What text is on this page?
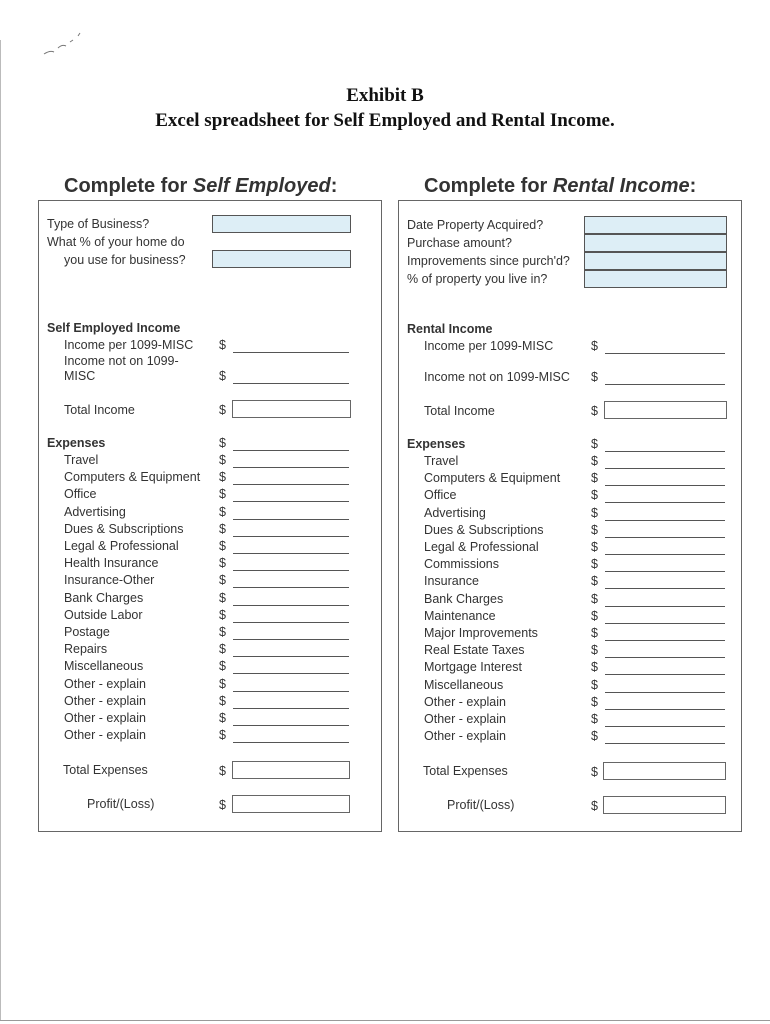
Exhibit B
Excel spreadsheet for Self Employed and Rental Income.
Complete for Self Employed:	Complete for Rental Income:
Type of Business?
What % of your home do
you use for business?
Self Employed Income
Income per 1099-MISC $
Income not on 1099-
MISC	$
Total Income	$
Expenses	$
Travel	$
Computers & Equipment $
Office	$
Advertising	$
Dues & Subscriptions	$
Legal & Professional	$
Health Insurance	$
Insurance-Other	$
Bank Charges	$
Outside Labor	$
Postage	$
Repairs	$
Miscellaneous	$
Other - explain	$
Other - explain	$
Other - explain	$
Other - explain	$
Total Expenses	$
Profit/(Loss)	$
Date Property Acquired?
Purchase amount?
Improvements since purch'd?
% of property you live in?
Rental Income
Income per 1099-MISC	$
Income not on 1099-MISC $
Total Income	$
Expenses	$
Travel	$
Computers & Equipment $
Office	$
Advertising	$
Dues & Subscriptions	$
Legal & Professional	$
Commissions	$
Insurance	$
Bank Charges	$
Maintenance	$
Major Improvements	$
Real Estate Taxes	$
Mortgage Interest	$
Miscellaneous	$
Other - explain	$
Other - explain	$
Other - explain	$
Total Expenses	$
Profit/(Loss)	$
